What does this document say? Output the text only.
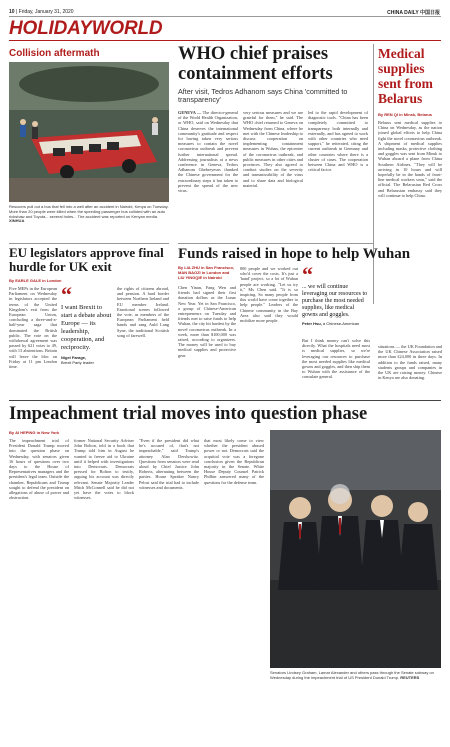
10 | Friday, January 31, 2020	CHINA DAILY 中国日报
HOLIDAYWORLD
Collision aftermath
Rescuers pull out a bus that fell into a well after an accident in Nairobi, Kenya on Tuesday. More than 20 people were killed when the speeding passenger bus collided with an auto rickshaw and Toyota... several holes... The accident was reported on Kenyan media. XINHUA
WHO chief praises containment efforts
After visit, Tedros Adhanom says China 'committed to transparency'
GENEVA — The director-general of the World Health Organization, or WHO, said on Wednesday that China deserves the international community's gratitude and respect for having taken very serious measures to contain the novel coronavirus outbreak and prevent further international spread. Addressing journalists at a news conference in Geneva, Tedros Adhanom Ghebreyesus thanked the Chinese government for the extraordinary steps it has taken to prevent the spread of the new virus.

very serious measures and we are grateful for them," he said. The WHO chief returned to Geneva on Wednesday from China, where he met with the Chinese leadership to discuss cooperation on implementing containment measures in Wuhan, the epicenter of the coronavirus outbreak, and public measures in other cities and provinces. They also agreed to conduct studies on the severity and transmissibility of the virus and to share data and biological material.

led to the rapid development of diagnostic tools. "China has been completely committed to transparency both internally and externally, and has agreed to work with other countries who need support," he reiterated, citing the current outbreak in Germany and other countries where there is a cluster of cases. The cooperation between China and WHO is a critical factor.

Medical supplies sent from Belarus
By REN QI in Minsk, Belarus

Belarus sent medical supplies to China on Wednesday, as the nation joined global efforts to help China fight the novel coronavirus outbreak. A shipment of medical supplies including masks, protective clothing and goggles was sent from Minsk to Wuhan aboard a plane from China Southern Airlines. "They will be arriving in 10 hours and will hopefully be in the hands of front-line medical workers soon," said the official. The Belarusian Red Cross and Belarusian embassy said they will continue to help China.

EU legislators approve final hurdle for UK exit
By EARLE GALE in London

Five MEPs in the European Parliament on Wednesday in legislators accepted the terms of the United Kingdom's exit from the European Union, concluding a three-and-a-half-year saga that dominated the British public. The vote on the withdrawal agreement was passed by 621 votes to 49, with 13 abstentions. Britain will leave the bloc on Friday at 11 pm London time.

“
I want Brexit to start a debate about Europe — its leadership, cooperation, and reciprocity.
Nigel Farage,
Brexit Party leader

the rights of citizens abroad, and pension. A hard border between Northern Ireland and EU member Ireland. Emotional scenes followed the vote, as members of the European Parliament held hands and sang Auld Lang Syne, the traditional Scottish song of farewell.

Funds raised in hope to help Wuhan
By LIA ZHU in San Francisco, MAN BAOZI in London and LIU YINGQIE in Nairobi

Chen Yinan, Fang Wen and friends had signed their first donation dollars as the Lunar New Year. Yet in San Francisco, a group of Chinese-American entrepreneurs on Tuesday and friends met to raise funds to help Wuhan, the city hit hardest by the novel coronavirus outbreak. In a week, more than $100,000 was raised, according to organizers. The money will be used to buy medical supplies and protective gear.

800 people and we worked out who'd cover the costs. It's just a 'hand' project, so a lot of Wuhan people are working. "Let us try it," Ms Chen said. "It is so inspiring. So many people from this world have come together to help people." Leaders of the Chinese community in the Bay Area also said they would mobilize more people.

“
... we will continue leveraging our resources to purchase the most needed supplies, like medical gowns and goggles.
Peter Hsu, a Chinese-American

But I think money can't solve this directly. What the hospitals need most is medical supplies, so we're leveraging our resources to purchase the most needed supplies like medical gowns and goggles, and then ship them to Wuhan with the assistance of the consulate general.

situations — the UK Foundation and the UK Chinese Association raised more than £24,000 in three days. In addition to the funds raised, many students groups and companies in the UK are raising money. Chinese in Kenya are also donating.

Impeachment trial moves into question phase
By AI HEPING in New York

The impeachment trial of President Donald Trump moved into the question phase on Wednesday, with senators given 16 hours of questions over two days to the House of Representatives managers and the president's legal team. Outside the chamber, Republicans and Trump sought to defend the president on allegations of abuse of power and obstruction.

former National Security Adviser John Bolton, told in a book that Trump told him in August he wanted to freeze aid to Ukraine until it helped with investigations into Democrats. Democrats pressed for Bolton to testify, arguing his account was directly relevant. Senate Majority Leader Mitch McConnell said he did not yet have the votes to block witnesses.

"Even if the president did what he's accused of, that's not impeachable," said Trump's attorney Alan Dershowitz. Questions from senators were read aloud by Chief Justice John Roberts, alternating between the parties. House Speaker Nancy Pelosi said the trial had to include witnesses and documents.

that most likely come to view whether the president abused power or not. Democrats said the acquittal vote was a foregone conclusion given the Republican majority in the Senate. White House Deputy Counsel Patrick Philbin answered many of the questions for the defense team.

Senators Lindsey Graham, Lamar Alexander and others pass through the Senate subway on Wednesday during the impeachment trial of US President Donald Trump. REUTERS
